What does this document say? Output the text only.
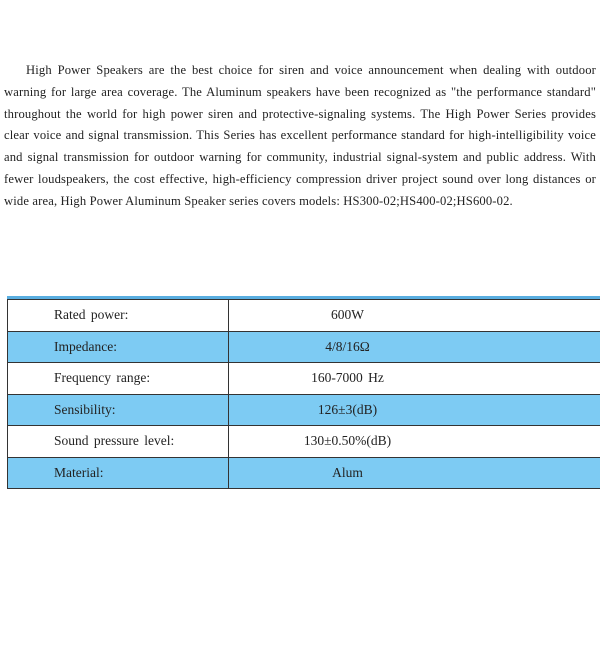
High Power Speakers are the best choice for siren and voice announcement when dealing with outdoor warning for large area coverage. The Aluminum speakers have been recognized as "the performance standard" throughout the world for high power siren and protective-signaling systems. The High Power Series provides clear voice and signal transmission. This Series has excellent performance standard for high-intelligibility voice and signal transmission for outdoor warning for community, industrial signal-system and public address. With fewer loudspeakers, the cost effective, high-efficiency compression driver project sound over long distances or wide area, High Power Aluminum Speaker series covers models: HS300-02;HS400-02;HS600-02.

Rated power:	600W
Impedance:	4/8/16Ω
Frequency range:	160-7000 Hz
Sensibility:	126±3(dB)
Sound pressure level:	130±0.50%(dB)
Material:	Alum
